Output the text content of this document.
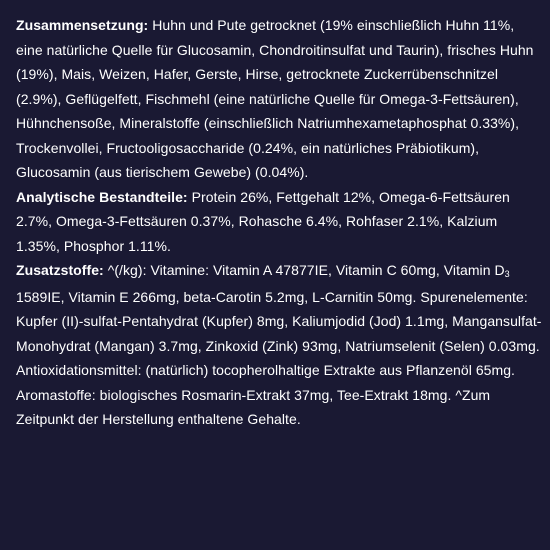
Zusammensetzung: Huhn und Pute getrocknet (19% einschließlich Huhn 11%, eine natürliche Quelle für Glucosamin, Chondroitinsulfat und Taurin), frisches Huhn (19%), Mais, Weizen, Hafer, Gerste, Hirse, getrocknete Zuckerrübenschnitzel (2.9%), Geflügelfett, Fischmehl (eine natürliche Quelle für Omega-3-Fettsäuren), Hühnchensoße, Mineralstoffe (einschließlich Natriumhexametaphosphat 0.33%), Trockenvollei, Fructooligosaccharide (0.24%, ein natürliches Präbiotikum), Glucosamin (aus tierischem Gewebe) (0.04%).

Analytische Bestandteile: Protein 26%, Fettgehalt 12%, Omega-6-Fettsäuren 2.7%, Omega-3-Fettsäuren 0.37%, Rohasche 6.4%, Rohfaser 2.1%, Kalzium 1.35%, Phosphor 1.11%.

Zusatzstoffe: ^(/kg): Vitamine: Vitamin A 47877IE, Vitamin C 60mg, Vitamin D3 1589IE, Vitamin E 266mg, beta-Carotin 5.2mg, L-Carnitin 50mg. Spurenelemente: Kupfer (II)-sulfat-Pentahydrat (Kupfer) 8mg, Kaliumjodid (Jod) 1.1mg, Mangansulfat-Monohydrat (Mangan) 3.7mg, Zinkoxid (Zink) 93mg, Natriumselenit (Selen) 0.03mg. Antioxidationsmittel: (natürlich) tocopherolhaltige Extrakte aus Pflanzenöl 65mg. Aromastoffe: biologisches Rosmarin-Extrakt 37mg, Tee-Extrakt 18mg. ^Zum Zeitpunkt der Herstellung enthaltene Gehalte.
